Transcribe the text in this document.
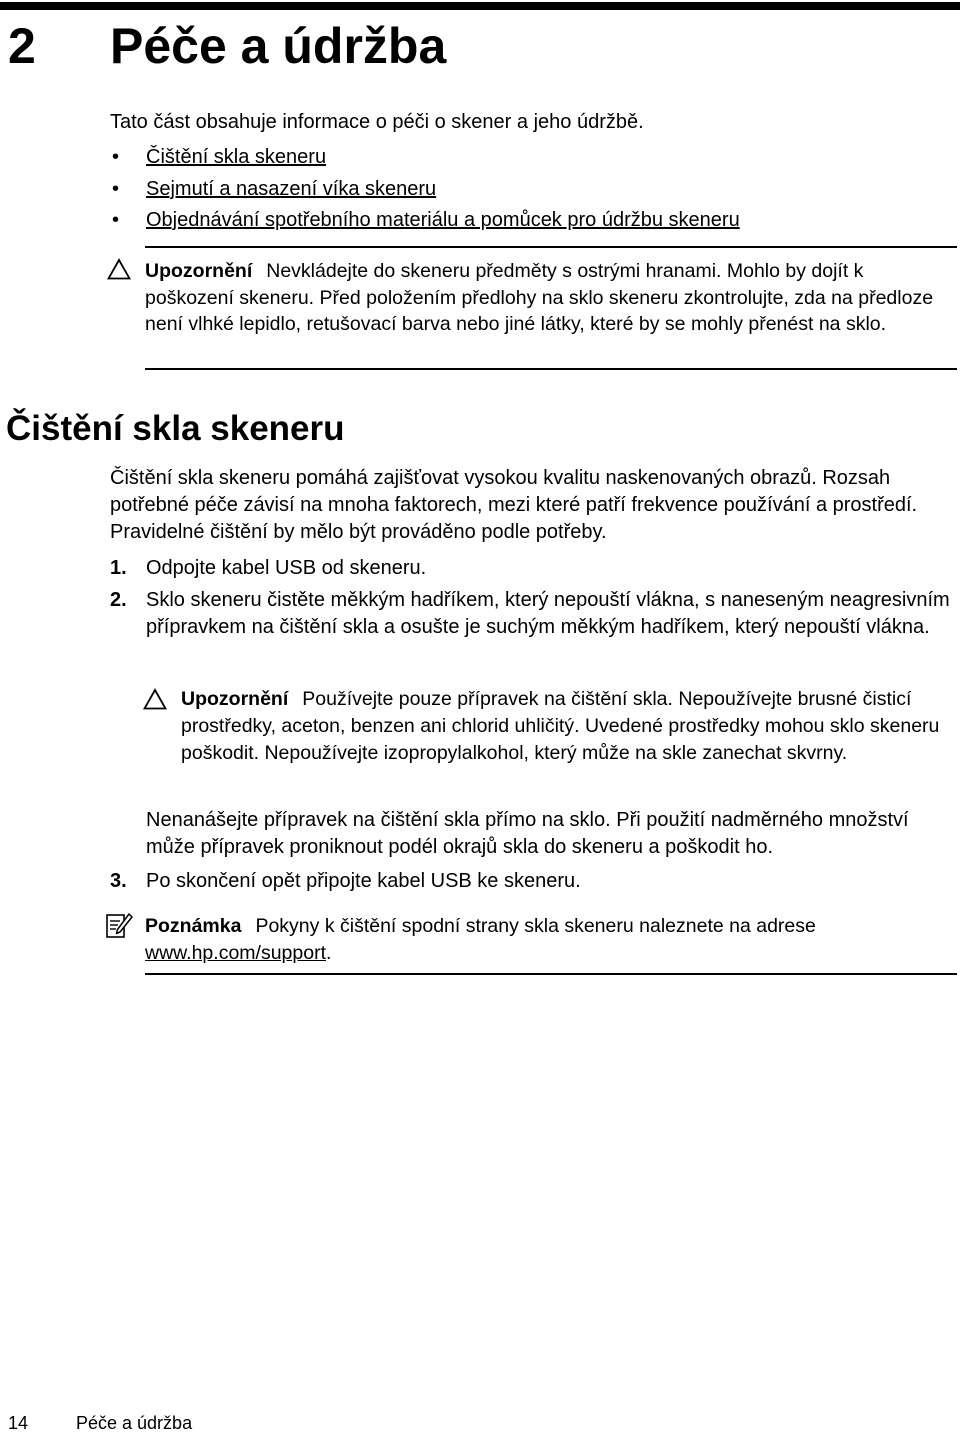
2 Péče a údržba

Tato část obsahuje informace o péči o skener a jeho údržbě.

• Čištění skla skeneru
• Sejmutí a nasazení víka skeneru
• Objednávání spotřebního materiálu a pomůcek pro údržbu skeneru

Upozornění Nevkládejte do skeneru předměty s ostrými hranami. Mohlo by dojít k poškození skeneru. Před položením předlohy na sklo skeneru zkontrolujte, zda na předloze není vlhké lepidlo, retušovací barva nebo jiné látky, které by se mohly přenést na sklo.

Čištění skla skeneru

Čištění skla skeneru pomáhá zajišťovat vysokou kvalitu naskenovaných obrazů. Rozsah potřebné péče závisí na mnoha faktorech, mezi které patří frekvence používání a prostředí. Pravidelné čištění by mělo být prováděno podle potřeby.

1. Odpojte kabel USB od skeneru.
2. Sklo skeneru čistěte měkkým hadříkem, který nepouští vlákna, s naneseným neagresivním přípravkem na čištění skla a osušte je suchým měkkým hadříkem, který nepouští vlákna.

Upozornění Používejte pouze přípravek na čištění skla. Nepoužívejte brusné čisticí prostředky, aceton, benzen ani chlorid uhličitý. Uvedené prostředky mohou sklo skeneru poškodit. Nepoužívejte izopropylalkohol, který může na skle zanechat skvrny.

Nenanášejte přípravek na čištění skla přímo na sklo. Při použití nadměrného množství může přípravek proniknout podél okrajů skla do skeneru a poškodit ho.

3. Po skončení opět připojte kabel USB ke skeneru.

Poznámka Pokyny k čištění spodní strany skla skeneru naleznete na adrese www.hp.com/support.

14	Péče a údržba
